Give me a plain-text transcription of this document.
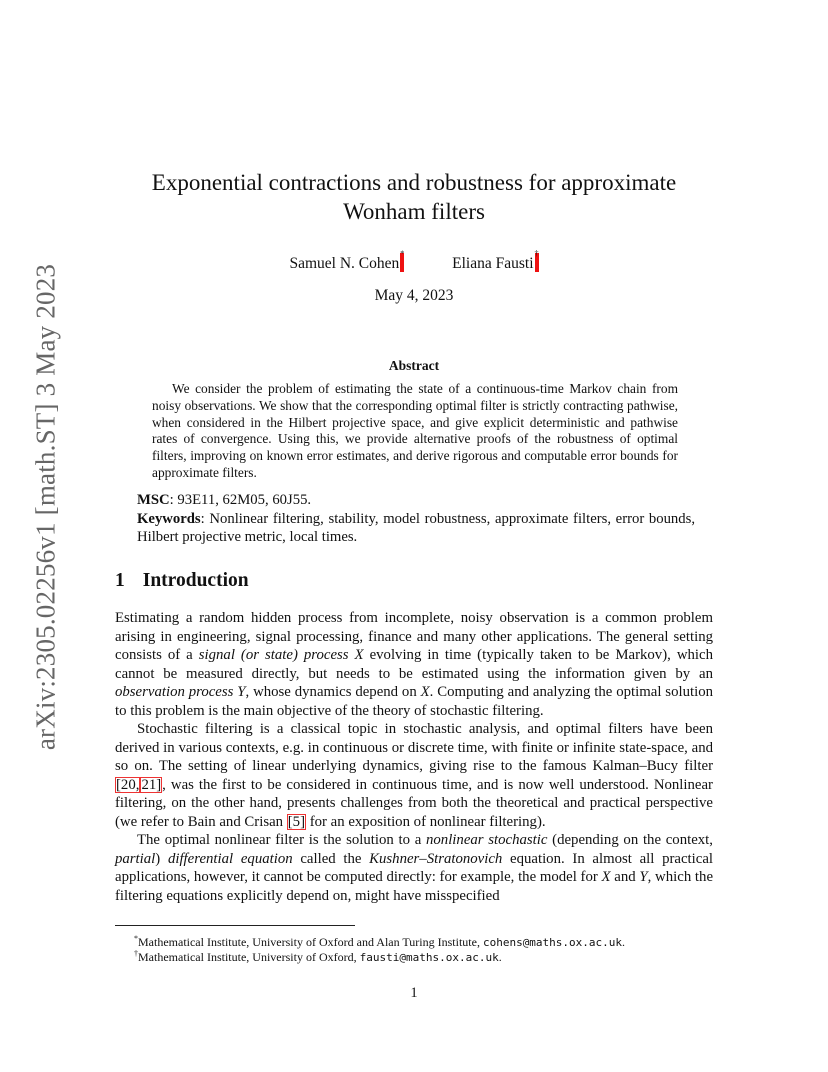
arXiv:2305.02256v1 [math.ST] 3 May 2023
Exponential contractions and robustness for approximate
Wonham filters
Samuel N. Cohen
*
Eliana Fausti
†
May 4, 2023
Abstract

We consider the problem of estimating the state of a continuous-time Markov chain from noisy observations. We show that the corresponding optimal filter is strictly contracting pathwise, when considered in the Hilbert projective space, and give explicit deterministic and pathwise rates of convergence. Using this, we provide alternative proofs of the robustness of optimal filters, improving on known error estimates, and derive rigorous and computable error bounds for approximate filters.

MSC: 93E11, 62M05, 60J55.

Keywords: Nonlinear filtering, stability, model robustness, approximate filters, error bounds, Hilbert projective metric, local times.

1 Introduction

Estimating a random hidden process from incomplete, noisy observation is a common problem arising in engineering, signal processing, finance and many other applications. The general setting consists of a signal (or state) process X evolving in time (typically taken to be Markov), which cannot be measured directly, but needs to be estimated using the information given by an observation process Y, whose dynamics depend on X. Computing and analyzing the optimal solution to this problem is the main objective of the theory of stochastic filtering.

Stochastic filtering is a classical topic in stochastic analysis, and optimal filters have been derived in various contexts, e.g. in continuous or discrete time, with finite or infinite state-space, and so on. The setting of linear underlying dynamics, giving rise to the famous Kalman–Bucy filter [20, 21], was the first to be considered in continuous time, and is now well understood. Nonlinear filtering, on the other hand, presents challenges from both the theoretical and practical perspective (we refer to Bain and Crisan [5] for an exposition of nonlinear filtering).

The optimal nonlinear filter is the solution to a nonlinear stochastic (depending on the context, partial) differential equation called the Kushner–Stratonovich equation. In almost all practical applications, however, it cannot be computed directly: for example, the model for X and Y, which the filtering equations explicitly depend on, might have misspecified

*Mathematical Institute, University of Oxford and Alan Turing Institute, cohens@maths.ox.ac.uk.
†Mathematical Institute, University of Oxford, fausti@maths.ox.ac.uk.
1
